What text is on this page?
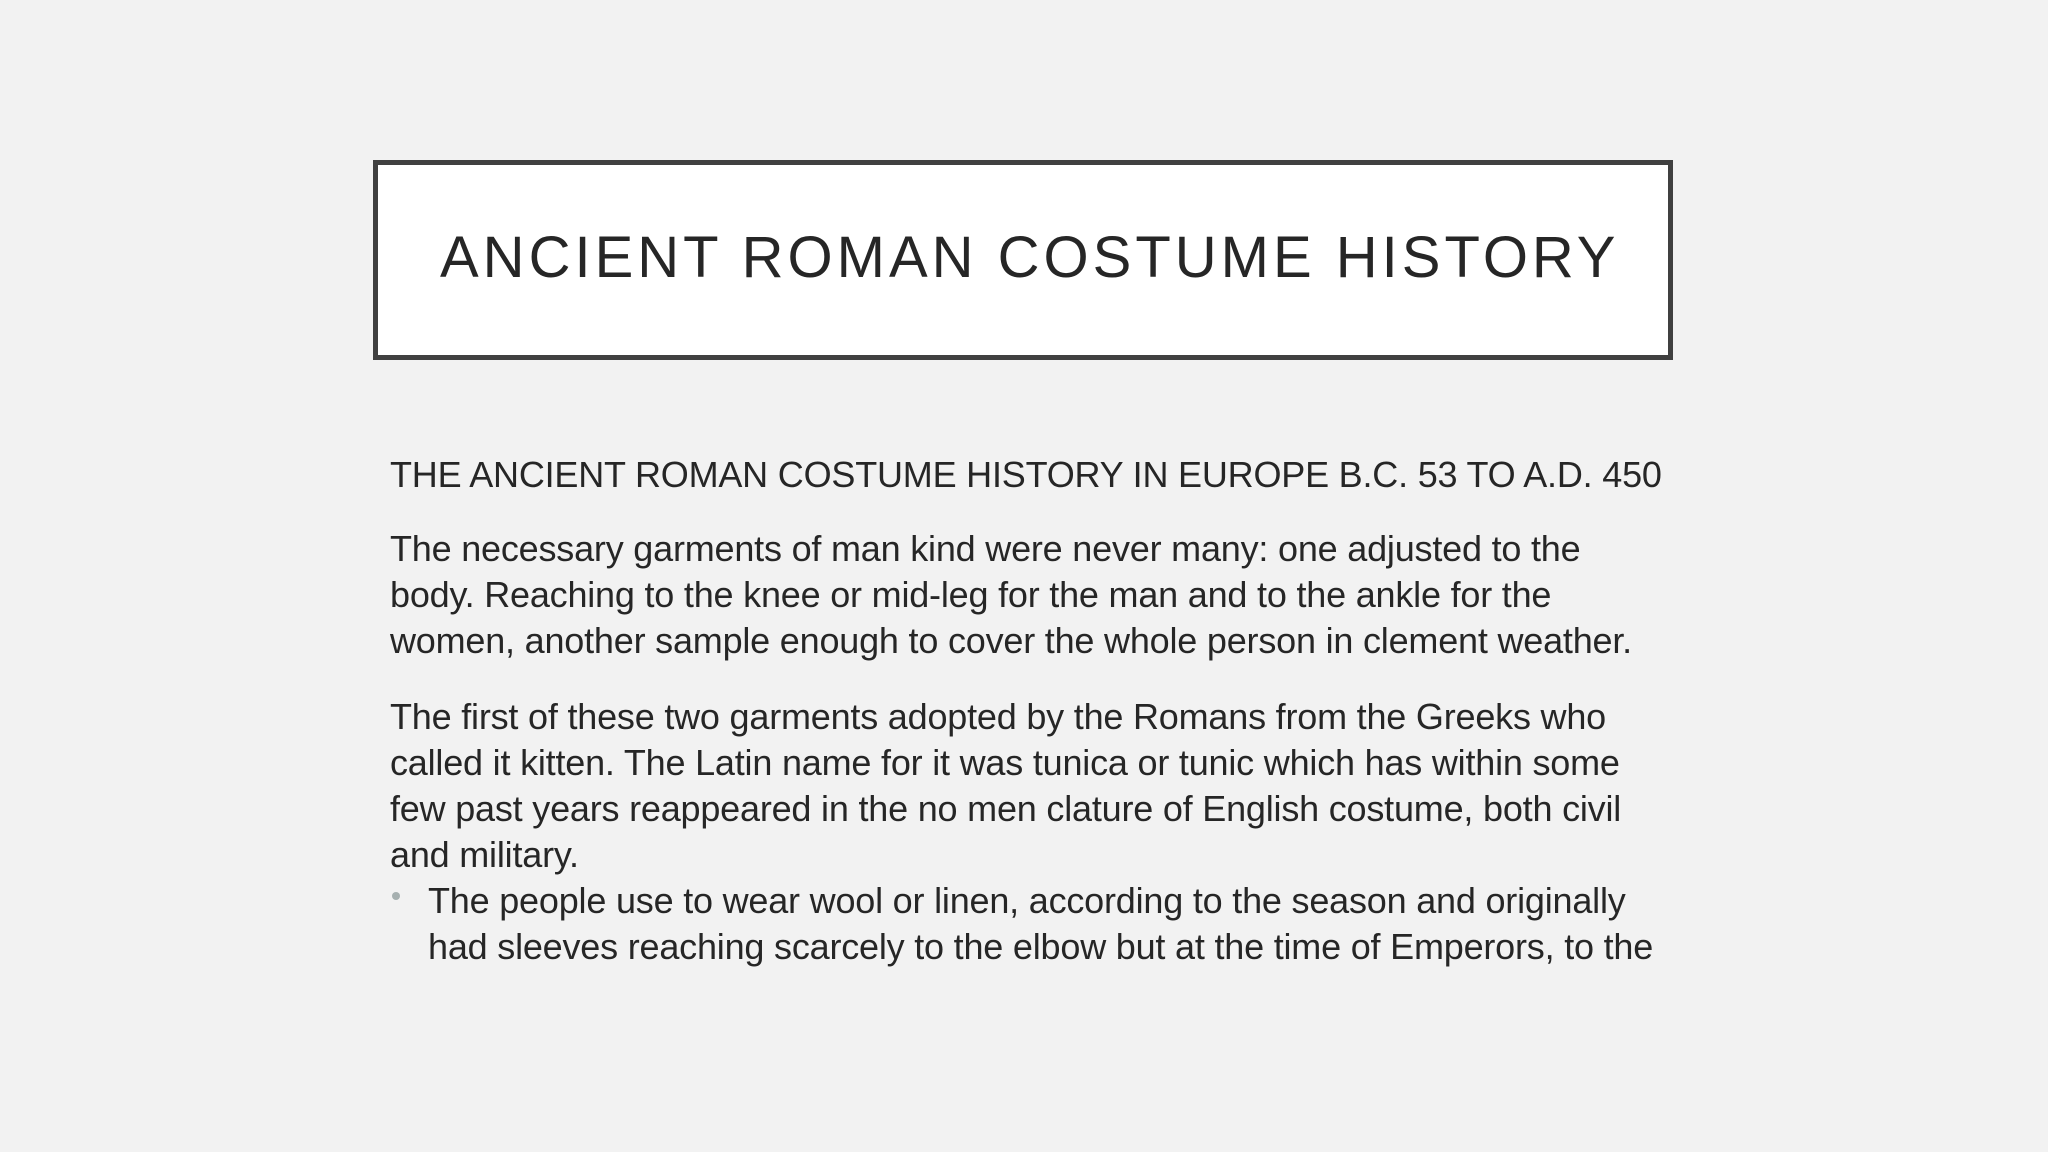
ANCIENT ROMAN COSTUME HISTORY

THE ANCIENT ROMAN COSTUME HISTORY IN EUROPE B.C. 53 TO A.D. 450

The necessary garments of man kind were never many: one adjusted to the body. Reaching to the knee or mid-leg for the man and to the ankle for the women, another sample enough to cover the whole person in clement weather.

The first of these two garments adopted by the Romans from the Greeks who called it kitten. The Latin name for it was tunica or tunic which has within some few past years reappeared in the no men clature of English costume, both civil and military.

The people use to wear wool or linen, according to the season and originally had sleeves reaching scarcely to the elbow but at the time of Emperors, to the
